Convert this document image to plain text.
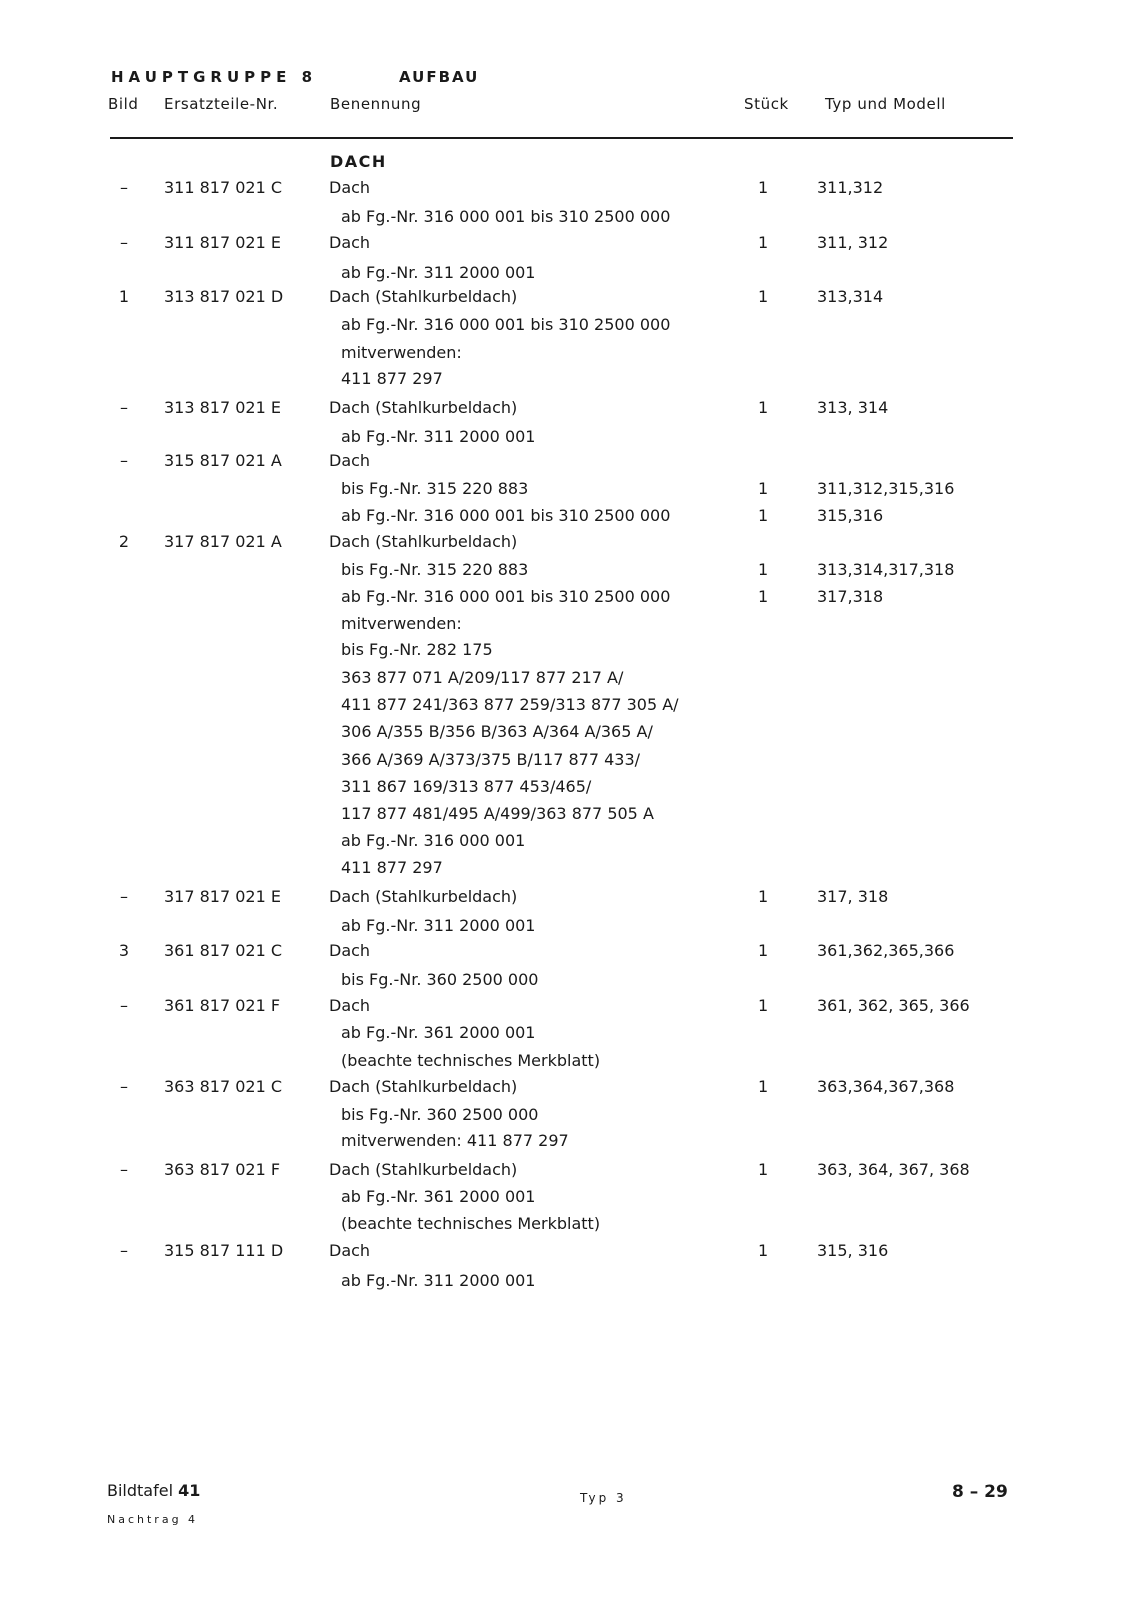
HAUPTGRUPPE 8	AUFBAU
Bild Ersatzteile-Nr.	Benennung	Stück Typ und Modell
DACH
– 311 817 021 C	Dach	1	311,312
ab Fg.-Nr. 316 000 001 bis 310 2500 000
– 311 817 021 E	Dach	1	311, 312
ab Fg.-Nr. 311 2000 001
1 313 817 021 D	Dach (Stahlkurbeldach)	1	313,314
ab Fg.-Nr. 316 000 001 bis 310 2500 000
mitverwenden:
411 877 297
– 313 817 021 E	Dach (Stahlkurbeldach)	1	313, 314
ab Fg.-Nr. 311 2000 001
– 315 817 021 A	Dach
bis Fg.-Nr. 315 220 883	1	311,312,315,316
ab Fg.-Nr. 316 000 001 bis 310 2500 000	1	315,316
2 317 817 021 A	Dach (Stahlkurbeldach)
bis Fg.-Nr. 315 220 883	1	313,314,317,318
ab Fg.-Nr. 316 000 001 bis 310 2500 000	1	317,318
mitverwenden:
bis Fg.-Nr. 282 175
363 877 071 A/209/117 877 217 A/
411 877 241/363 877 259/313 877 305 A/
306 A/355 B/356 B/363 A/364 A/365 A/
366 A/369 A/373/375 B/117 877 433/
311 867 169/313 877 453/465/
117 877 481/495 A/499/363 877 505 A
ab Fg.-Nr. 316 000 001
411 877 297
– 317 817 021 E	Dach (Stahlkurbeldach)	1	317, 318
ab Fg.-Nr. 311 2000 001
3 361 817 021 C	Dach	1	361,362,365,366
bis Fg.-Nr. 360 2500 000
– 361 817 021 F	Dach	1	361, 362, 365, 366
ab Fg.-Nr. 361 2000 001
(beachte technisches Merkblatt)
– 363 817 021 C	Dach (Stahlkurbeldach)	1	363,364,367,368
bis Fg.-Nr. 360 2500 000
mitverwenden: 411 877 297
– 363 817 021 F	Dach (Stahlkurbeldach)	1	363, 364, 367, 368
ab Fg.-Nr. 361 2000 001
(beachte technisches Merkblatt)
– 315 817 111 D	Dach	1	315, 316
ab Fg.-Nr. 311 2000 001
Bildtafel 41
Nachtrag 4
Typ 3	8 – 29
